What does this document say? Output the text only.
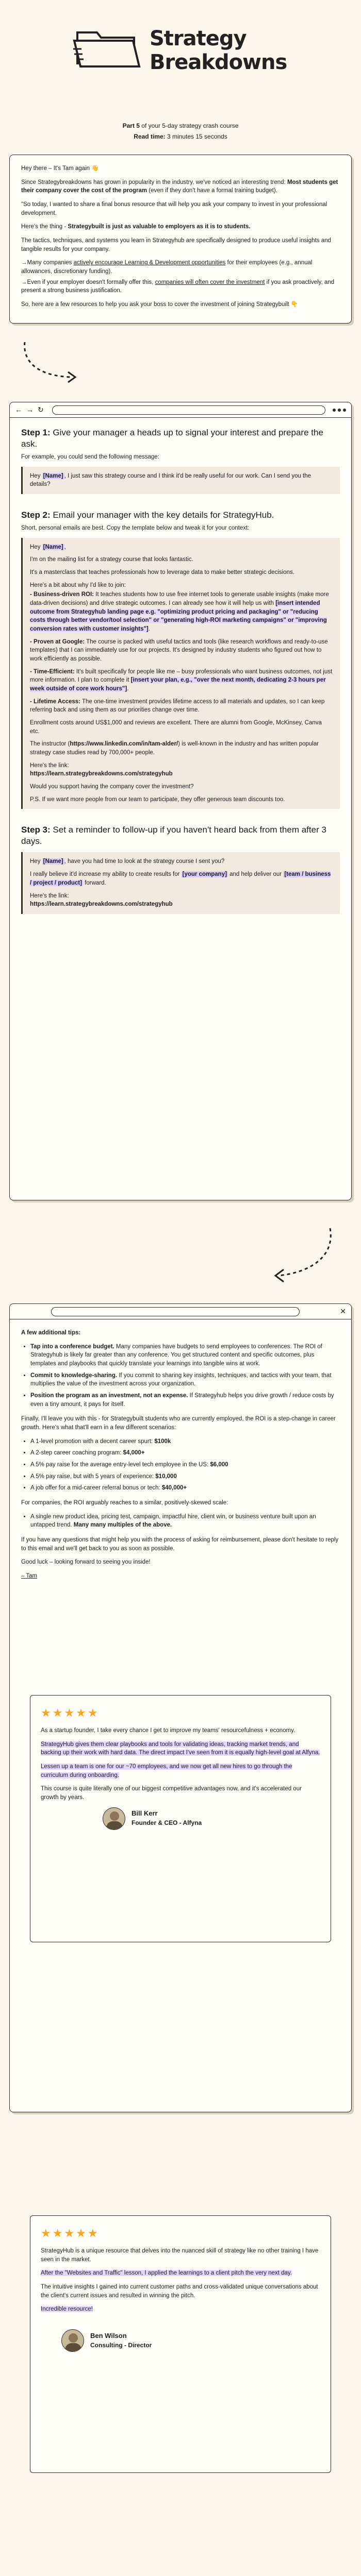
Strategy
Breakdowns

Part 5 of your 5-day strategy crash course

Read time: 3 minutes 15 seconds

Hey there – It's Tam again 👋

Since Strategybreakdowns has grown in popularity in the industry, we've noticed an interesting trend: Most students get their company cover the cost of the program (even if they don't have a formal training budget).

"So today, I wanted to share a final bonus resource that will help you ask your company to invest in your professional development.

Here's the thing - Strategybuilt is just as valuable to employers as it is to students.

The tactics, techniques, and systems you learn in Strategyhub are specifically designed to produce useful insights and tangible results for your company.

→Many companies actively encourage Learning & Development opportunities for their employees (e.g., annual allowances, discretionary funding).

→Even if your employer doesn't formally offer this, companies will often cover the investment if you ask proactively, and present a strong business justification.

So, here are a few resources to help you ask your boss to cover the investment of joining Strategybuilt 👇

← → ↻
Step 1: Give your manager a heads up to signal your interest and prepare the ask.

For example, you could send the following message:

Hey [Name] , I just saw this strategy course and I think it'd be really useful for our work. Can I send you the details?

Step 2: Email your manager with the key details for StrategyHub.

Short, personal emails are best. Copy the template below and tweak it for your context:

Hey [Name] ,

I'm on the mailing list for a strategy course that looks fantastic.

It's a masterclass that teaches professionals how to leverage data to make better strategic decisions.

Here's a bit about why I'd like to join:

- Business-driven ROI: It teaches students how to use free internet tools to generate usable insights (make more data-driven decisions) and drive strategic outcomes. I can already see how it will help us with [insert intended outcome from Strategyhub landing page e.g. "optimizing product pricing and packaging" or "reducing costs through better vendor/tool selection" or "generating high-ROI marketing campaigns" or "improving conversion rates with customer insights"].

- Proven at Google: The course is packed with useful tactics and tools (like research workflows and ready-to-use templates) that I can immediately use for our projects. It's designed by industry students who figured out how to work efficiently as possible.

- Time-Efficient: It's built specifically for people like me – busy professionals who want business outcomes, not just more information. I plan to complete it [insert your plan, e.g., "over the next month, dedicating 2-3 hours per week outside of core work hours"].

- Lifetime Access: The one-time investment provides lifetime access to all materials and updates, so I can keep referring back and using them as our priorities change over time.

Enrollment costs around US$1,000 and reviews are excellent. There are alumni from Google, McKinsey, Canva etc.

The instructor (https://www.linkedin.com/in/tam-alder/) is well-known in the industry and has written popular strategy case studies read by 700,000+ people.

Here's the link:

https://learn.strategybreakdowns.com/strategyhub

Would you support having the company cover the investment?

P.S. If we want more people from our team to participate, they offer generous team discounts too.

Step 3: Set a reminder to follow-up if you haven't heard back from them after 3 days.

Hey [Name] , have you had time to look at the strategy course I sent you?

I really believe it'd increase my ability to create results for [your company] and help deliver our [team / business / project / product] forward.

Here's the link:

https://learn.strategybreakdowns.com/strategyhub

✕

A few additional tips:

• Tap into a conference budget. Many companies have budgets to send employees to conferences. The ROI of Strategyhub is likely far greater than any conference. You get structured content and specific outcomes, plus templates and playbooks that quickly translate your learnings into tangible wins at work.
• Commit to knowledge-sharing. If you commit to sharing key insights, techniques, and tactics with your team, that multiplies the value of the investment across your organization.
• Position the program as an investment, not an expense. If Strategyhub helps you drive growth / reduce costs by even a tiny amount, it pays for itself.

Finally, I'll leave you with this - for Strategybuilt students who are currently employed, the ROI is a step-change in career growth. Here's what that'll earn in a few different scenarios:

• A 1-level promotion with a decent career spurt: $100k
• A 2-step career coaching program: $4,000+
• A 5% pay raise for the average entry-level tech employee in the US: $6,000
• A 5% pay raise, but with 5 years of experience: $10,000
• A job offer for a mid-career referral bonus or tech: $40,000+

For companies, the ROI arguably reaches to a similar, positively-skewed scale:

• A single new product idea, pricing test, campaign, impactful hire, client win, or business venture built upon an untapped trend. Many many multiples of the above.

If you have any questions that might help you with the process of asking for reimbursement, please don't hesitate to reply to this email and we'll get back to you as soon as possible.

Good luck – looking forward to seeing you inside!

– Tam

★★★★★

As a startup founder, I take every chance I get to improve my teams' resourcefulness + economy.

StrategyHub gives them clear playbooks and tools for validating ideas, tracking market trends, and backing up their work with hard data. The direct impact I've seen from it is equally high-level goal at Alfyna.

Lessen up a team is one for our ~70 employees, and we now get all new hires to go through the curriculum during onboarding.

This course is quite literally one of our biggest competitive advantages now, and it's accelerated our growth by years.

Bill Kerr
Founder & CEO - Alfyna
★★★★★

StrategyHub is a unique resource that delves into the nuanced skill of strategy like no other training I have seen in the market.

After the "Websites and Traffic" lesson, I applied the learnings to a client pitch the very next day.

The intuitive insights I gained into current customer paths and cross-validated unique conversations about the client's current issues and resulted in winning the pitch.

Incredible resource!

Ben Wilson
Consulting - Director
